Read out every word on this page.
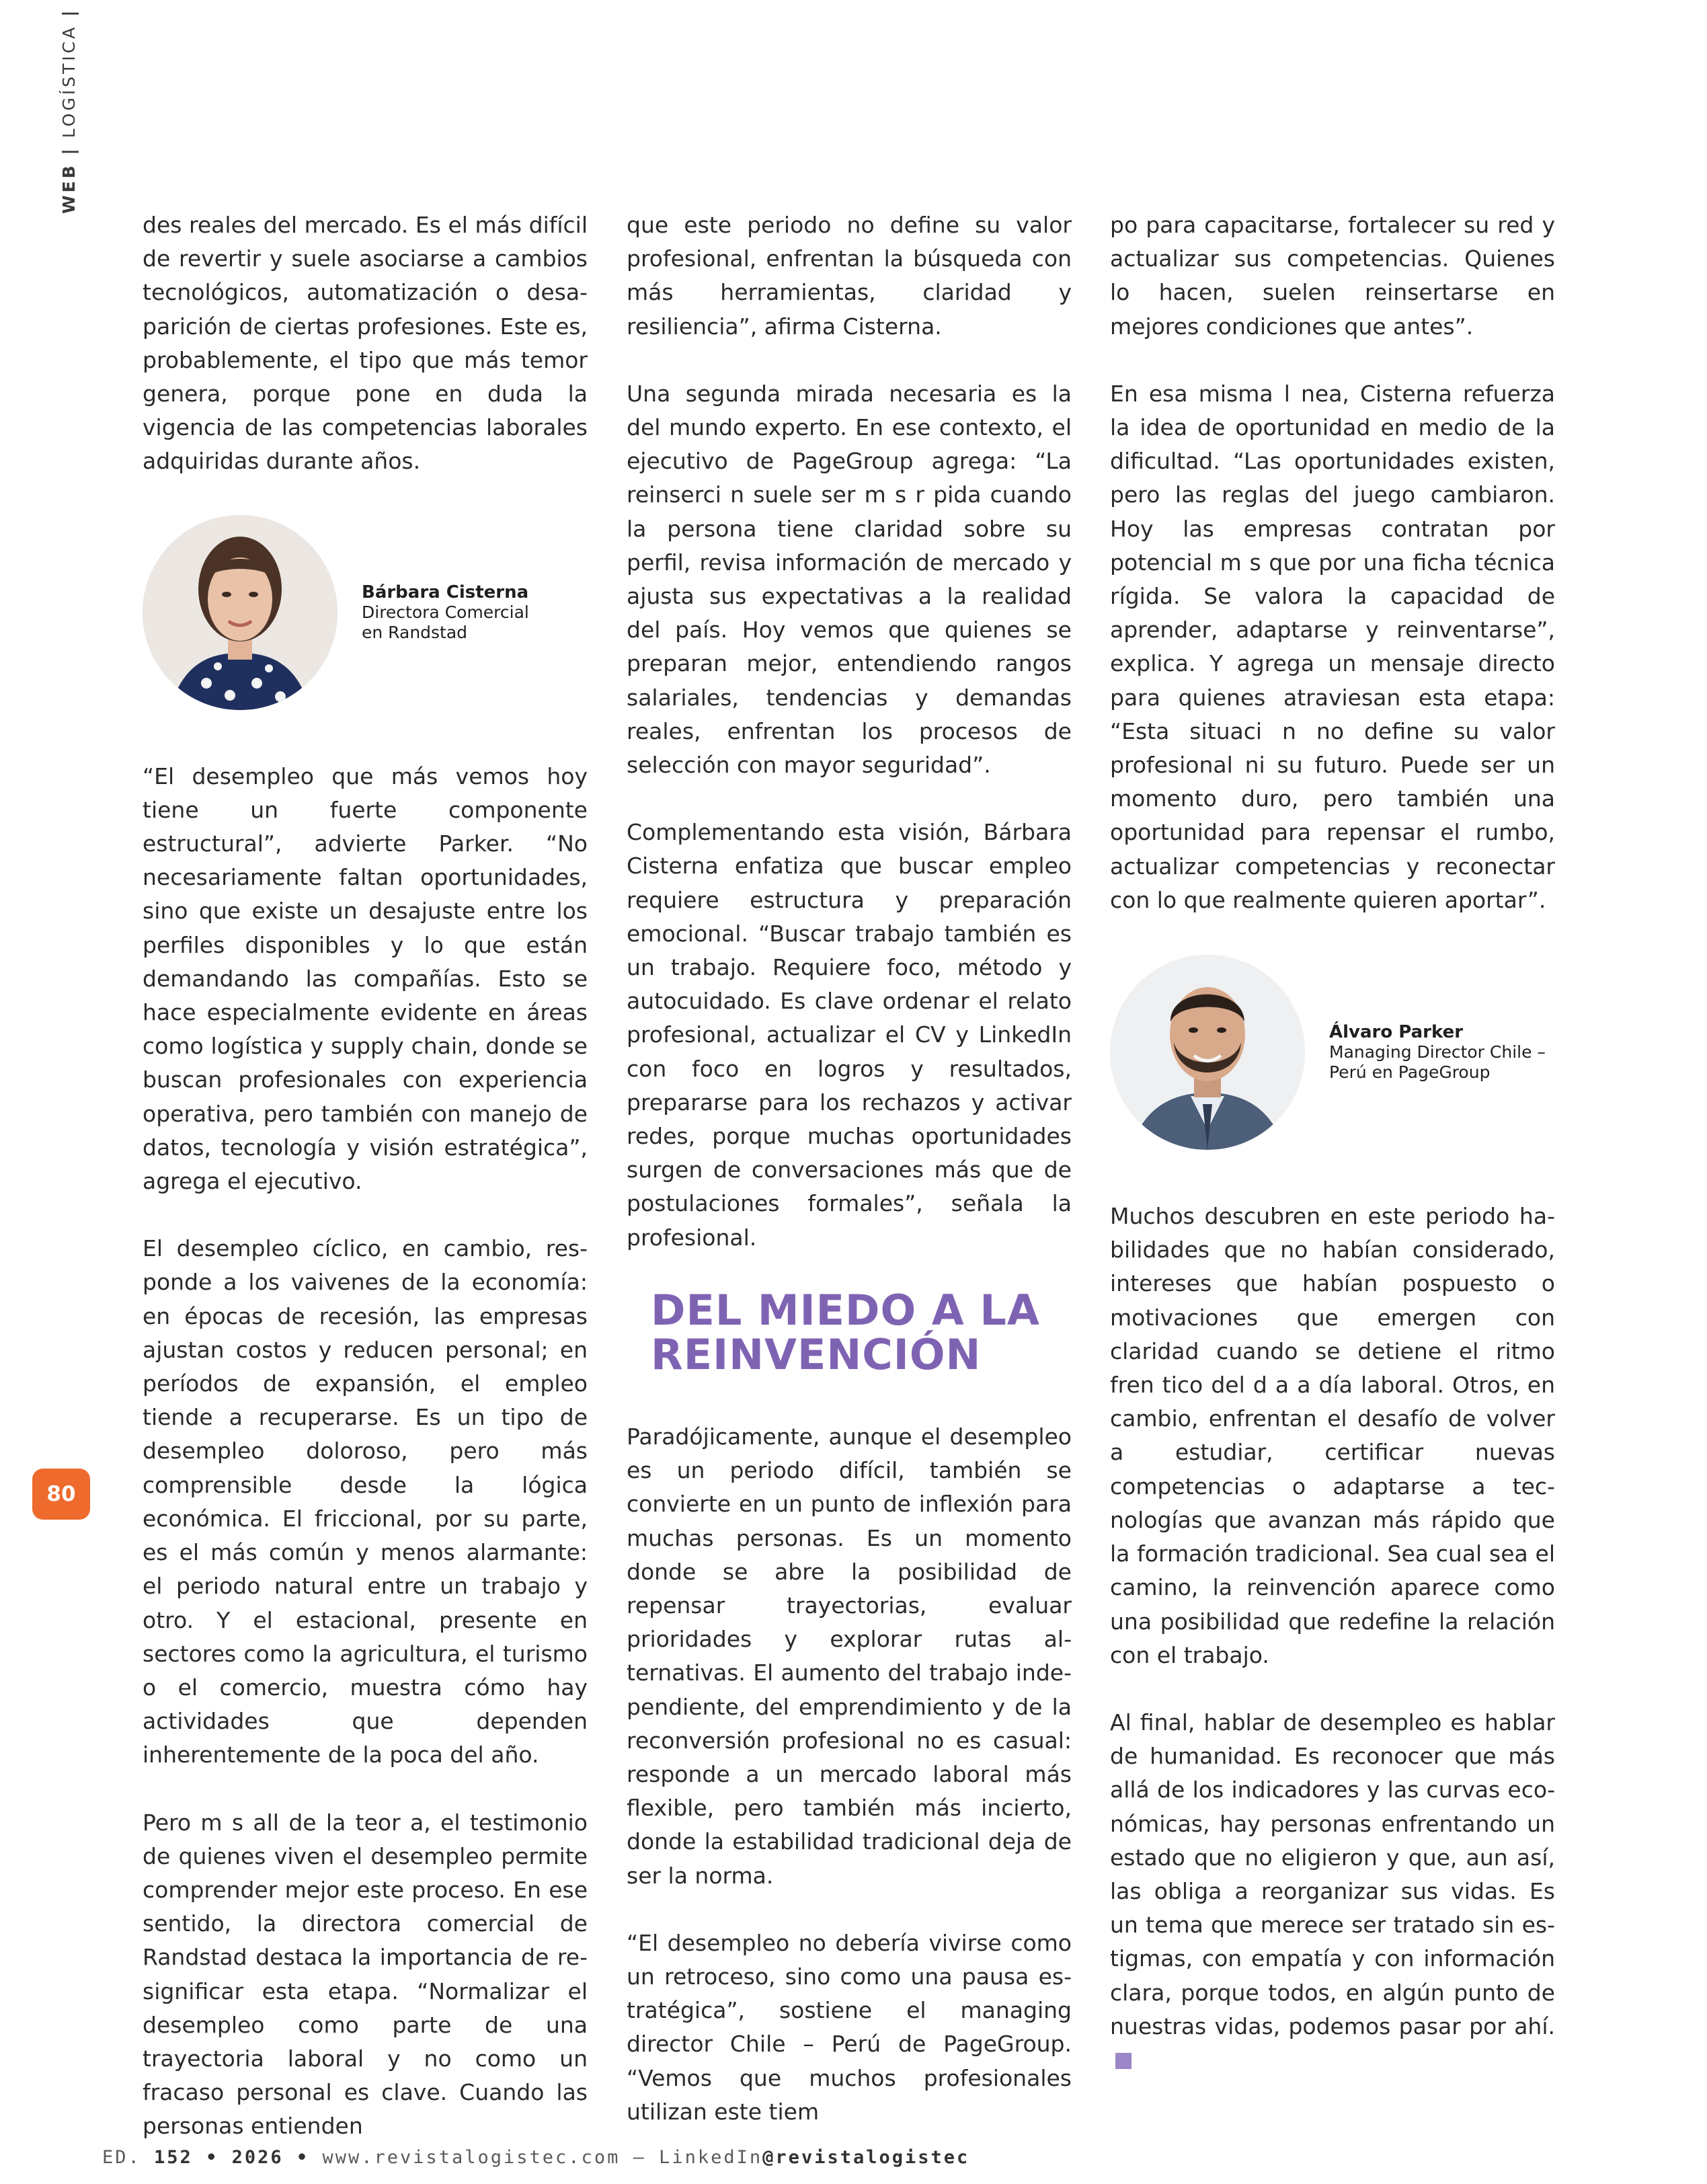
WEB | LOGÍSTICA |
80

des reales del mercado. Es el más difícil de revertir y suele asociarse a cambios tecnológicos, automatización o desaparición de ciertas profesiones. Este es, probablemente, el tipo que más temor genera, porque pone en duda la vigencia de las competencias laborales adquiridas durante años.

Bárbara Cisterna
Directora Comercial
en Randstad

“El desempleo que más vemos hoy tiene un fuerte componente estructural”, advierte Parker. “No necesariamente faltan oportunidades, sino que existe un desajuste entre los perfiles disponibles y lo que están demandando las compañías. Esto se hace especialmente evidente en áreas como logística y supply chain, donde se buscan profesionales con experiencia operativa, pero también con manejo de datos, tecnología y visión estratégica”, agrega el ejecutivo.

El desempleo cíclico, en cambio, responde a los vaivenes de la economía: en épocas de recesión, las empresas ajustan costos y reducen personal; en períodos de expansión, el empleo tiende a recuperarse. Es un tipo de desempleo doloroso, pero más comprensible desde la lógica económica. El friccional, por su parte, es el más común y menos alarmante: el periodo natural entre un trabajo y otro. Y el estacional, presente en sectores como la agricultura, el turismo o el comercio, muestra cómo hay actividades que dependen inherentemente de la poca del año.

Pero m s all de la teor a, el testimonio de quienes viven el desempleo permite comprender mejor este proceso. En ese sentido, la directora comercial de Randstad destaca la importancia de resignificar esta etapa. “Normalizar el desempleo como parte de una trayectoria laboral y no como un fracaso personal es clave. Cuando las personas entienden

que este periodo no define su valor profesional, enfrentan la búsqueda con más herramientas, claridad y resiliencia”, afirma Cisterna.

Una segunda mirada necesaria es la del mundo experto. En ese contexto, el ejecutivo de PageGroup agrega: “La reinserci n suele ser m s r pida cuando la persona tiene claridad sobre su perfil, revisa información de mercado y ajusta sus expectativas a la realidad del país. Hoy vemos que quienes se preparan mejor, entendiendo rangos salariales, tendencias y demandas reales, enfrentan los procesos de selección con mayor seguridad”.

Complementando esta visión, Bárbara Cisterna enfatiza que buscar empleo requiere estructura y preparación emocional. “Buscar trabajo también es un trabajo. Requiere foco, método y autocuidado. Es clave ordenar el relato profesional, actualizar el CV y LinkedIn con foco en logros y resultados, prepararse para los rechazos y activar redes, porque muchas oportunidades surgen de conversaciones más que de postulaciones formales”, señala la profesional.

DEL MIEDO A LA
REINVENCIÓN

Paradójicamente, aunque el desempleo es un periodo difícil, también se convierte en un punto de inflexión para muchas personas. Es un momento donde se abre la posibilidad de repensar trayectorias, evaluar prioridades y explorar rutas alternativas. El aumento del trabajo independiente, del emprendimiento y de la reconversión profesional no es casual: responde a un mercado laboral más flexible, pero también más incierto, donde la estabilidad tradicional deja de ser la norma.

“El desempleo no debería vivirse como un retroceso, sino como una pausa estratégica”, sostiene el managing director Chile – Perú de PageGroup. “Vemos que muchos profesionales utilizan este tiem

po para capacitarse, fortalecer su red y actualizar sus competencias. Quienes lo hacen, suelen reinsertarse en mejores condiciones que antes”.

En esa misma l nea, Cisterna refuerza la idea de oportunidad en medio de la dificultad. “Las oportunidades existen, pero las reglas del juego cambiaron. Hoy las empresas contratan por potencial m s que por una ficha técnica rígida. Se valora la capacidad de aprender, adaptarse y reinventarse”, explica. Y agrega un mensaje directo para quienes atraviesan esta etapa: “Esta situaci n no define su valor profesional ni su futuro. Puede ser un momento duro, pero también una oportunidad para repensar el rumbo, actualizar competencias y reconectar con lo que realmente quieren aportar”.

Álvaro Parker
Managing Director Chile –
Perú en PageGroup

Muchos descubren en este periodo habilidades que no habían considerado, intereses que habían pospuesto o motivaciones que emergen con claridad cuando se detiene el ritmo fren tico del d a a día laboral. Otros, en cambio, enfrentan el desafío de volver a estudiar, certificar nuevas competencias o adaptarse a tecnologías que avanzan más rápido que la formación tradicional. Sea cual sea el camino, la reinvención aparece como una posibilidad que redefine la relación con el trabajo.

Al final, hablar de desempleo es hablar de humanidad. Es reconocer que más allá de los indicadores y las curvas económicas, hay personas enfrentando un estado que no eligieron y que, aun así, las obliga a reorganizar sus vidas. Es un tema que merece ser tratado sin estigmas, con empatía y con información clara, porque todos, en algún punto de nuestras vidas, podemos pasar por ahí.

ED. 152 • 2026 • www.revistalogistec.com – LinkedIn@revistalogistec
